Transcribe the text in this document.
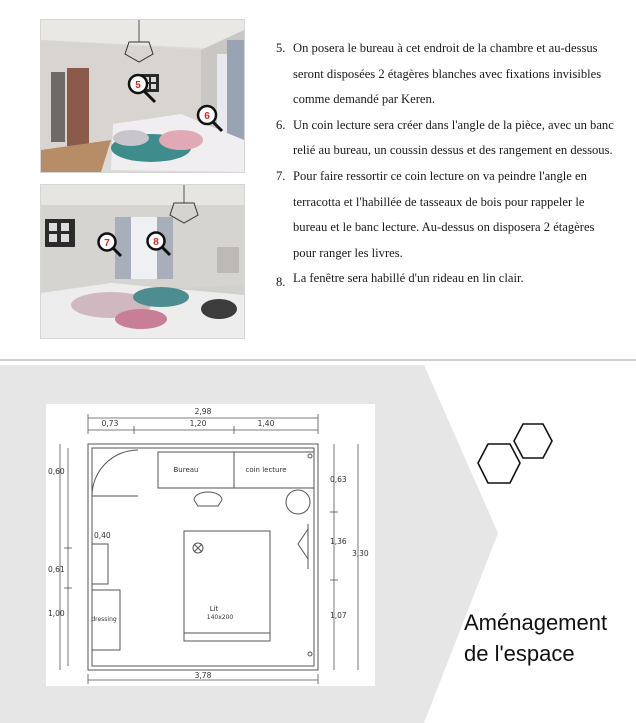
5
6
7	8
5. On posera le bureau à cet endroit de la chambre et au-dessus seront disposées 2 étagères blanches avec fixations invisibles comme demandé par Keren.
6. Un coin lecture sera créer dans l'angle de la pièce, avec un banc relié au bureau, un coussin dessus et des rangement en dessous.
7. Pour faire ressortir ce coin lecture on va peindre l'angle en terracotta et l'habillée de tasseaux de bois pour rappeler le bureau et le banc lecture. Au-dessus on disposera 2 étagères pour ranger les livres.
8. La fenêtre sera habillé d'un rideau en lin clair.
2,98
0,73	1,20	1,40
0,60
0,40
0,61
1,00
0,63
1,36
3,30
1,07
3,78
Bureau	coin lecture
Lit
140x200
dressing	Aménagement
de l'espace
